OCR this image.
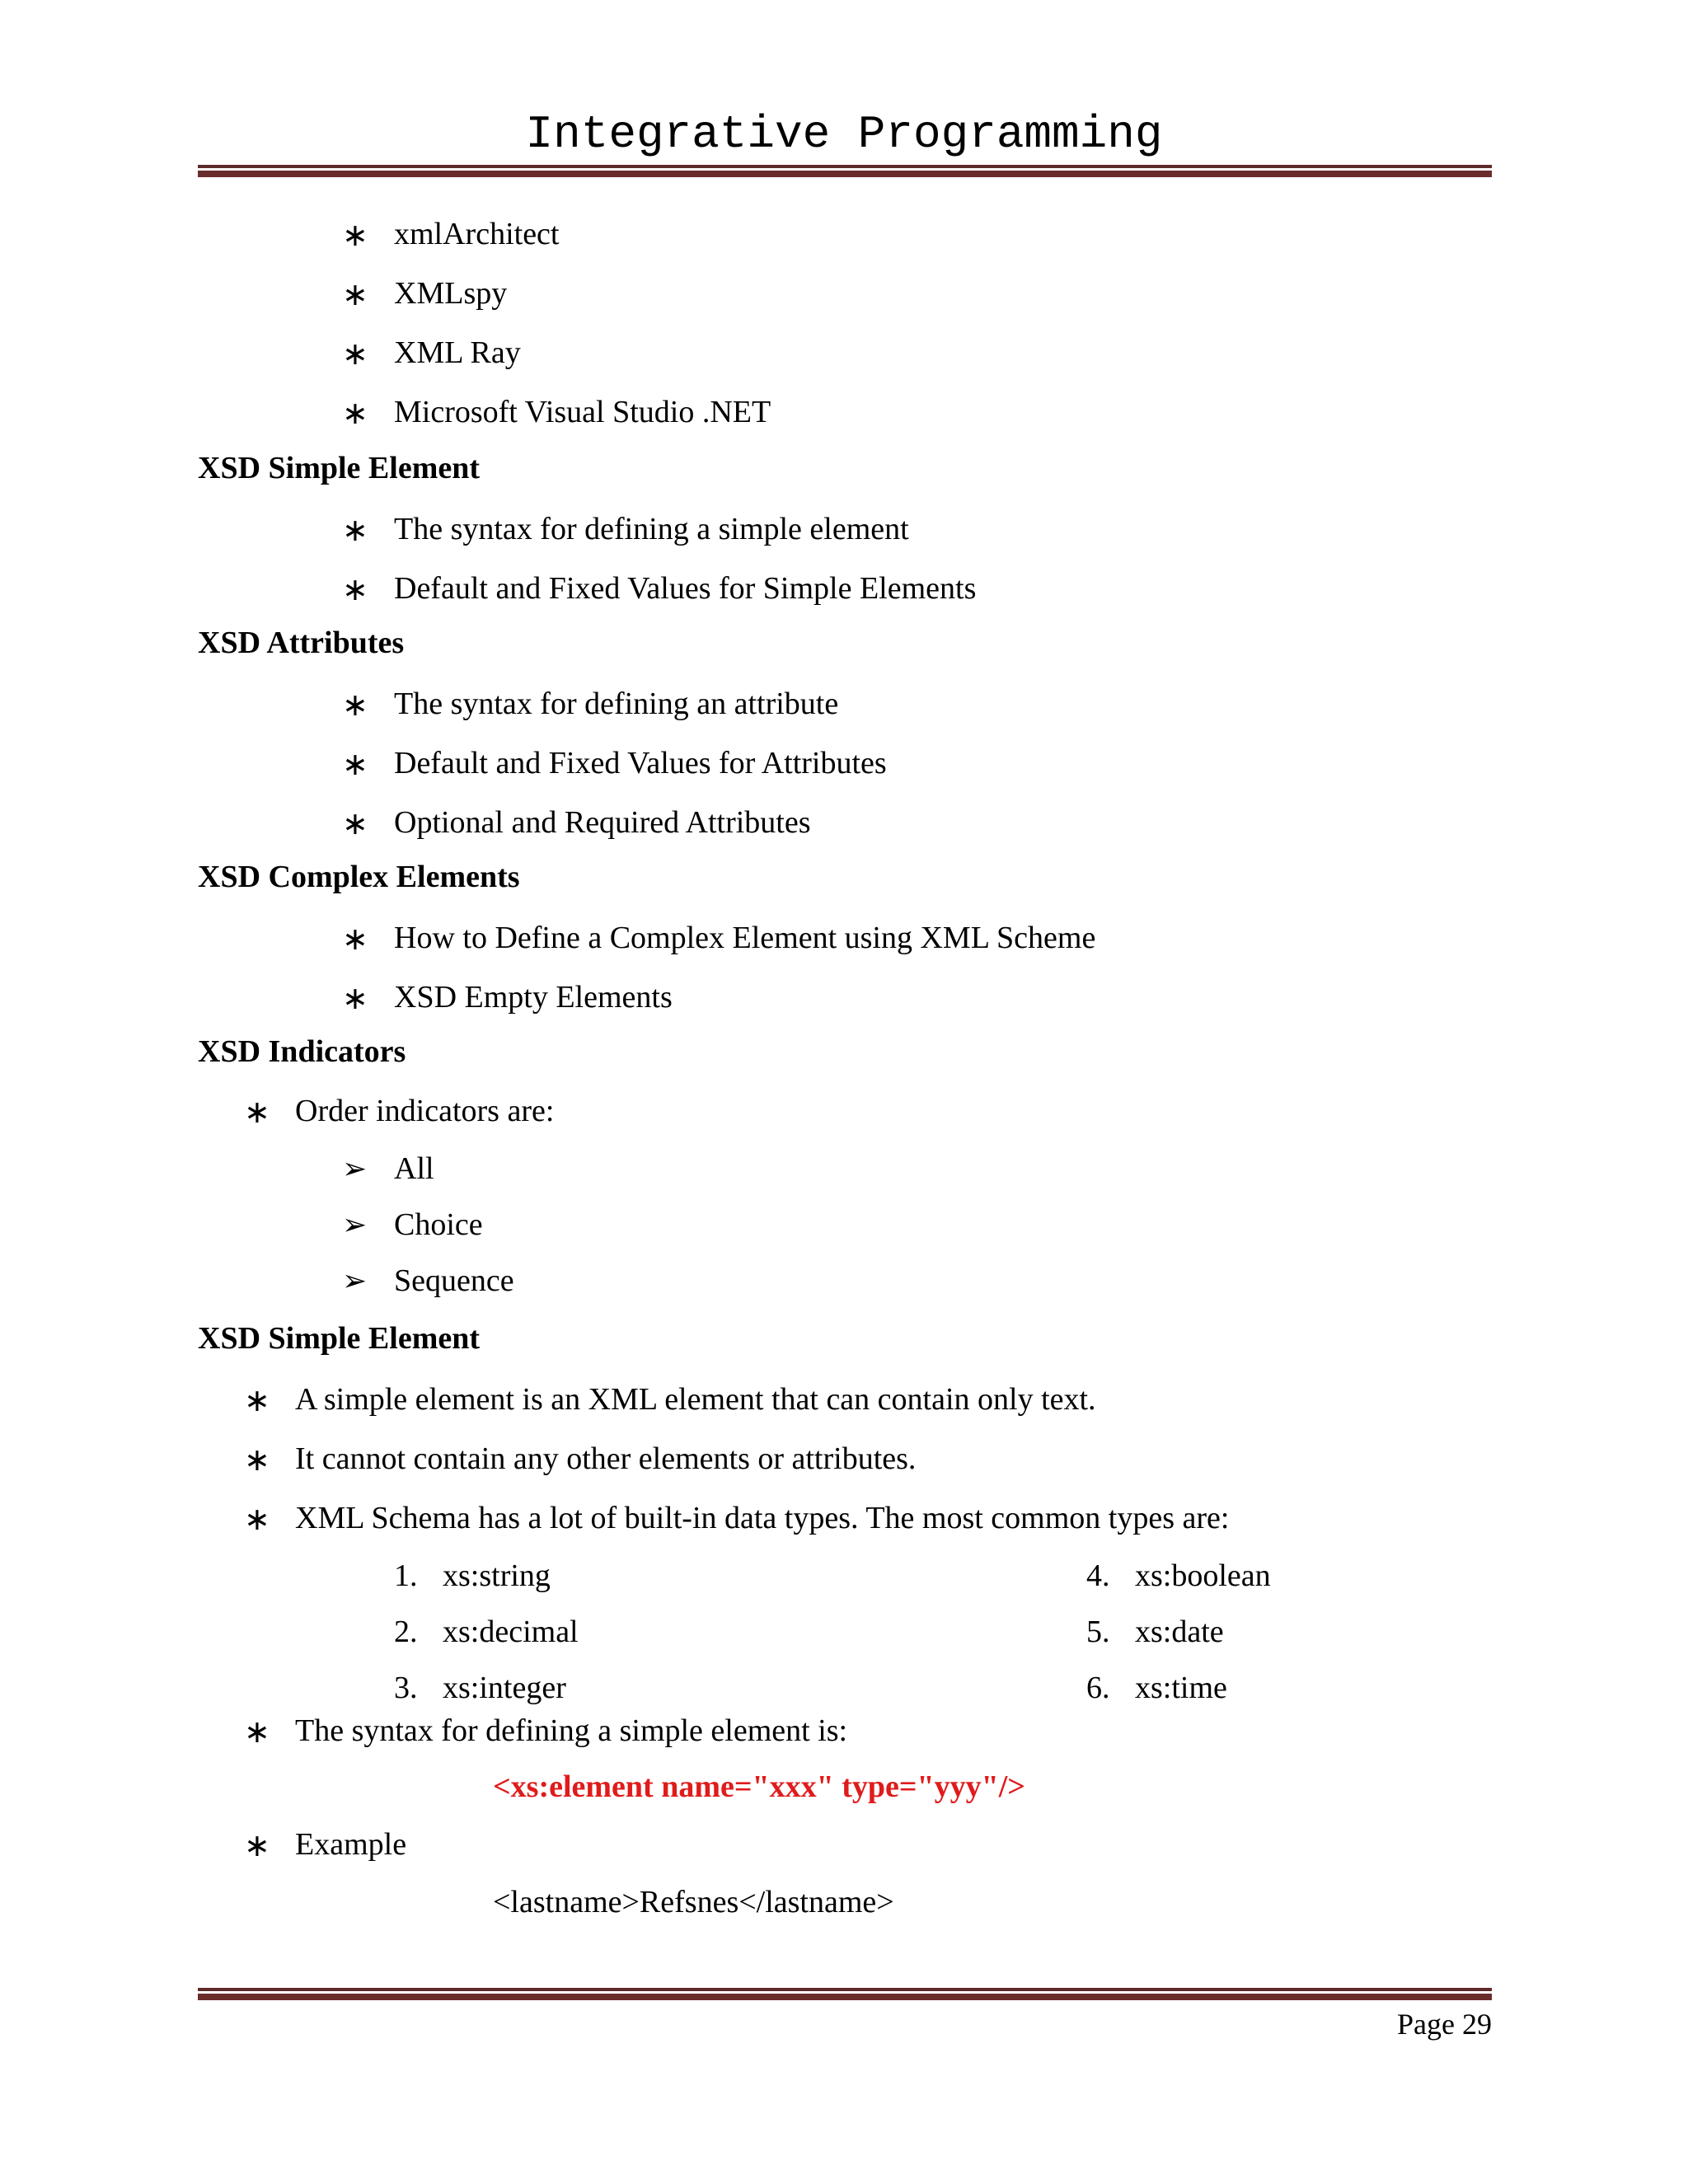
Integrative Programming
∗ xmlArchitect
∗ XMLspy
∗ XML Ray
∗ Microsoft Visual Studio .NET
XSD Simple Element
∗ The syntax for defining a simple element
∗ Default and Fixed Values for Simple Elements
XSD Attributes
∗ The syntax for defining an attribute
∗ Default and Fixed Values for Attributes
∗ Optional and Required Attributes
XSD Complex Elements
∗ How to Define a Complex Element using XML Scheme
∗ XSD Empty Elements
XSD Indicators
∗ Order indicators are:
➢ All
➢ Choice
➢ Sequence
XSD Simple Element
∗ A simple element is an XML element that can contain only text.
∗ It cannot contain any other elements or attributes.
∗ XML Schema has a lot of built-in data types. The most common types are:
1. xs:string
2. xs:decimal
3. xs:integer
4. xs:boolean
5. xs:date
6. xs:time
∗ The syntax for defining a simple element is:
<xs:element name="xxx" type="yyy"/>
∗ Example
<lastname>Refsnes</lastname>
Page 29
